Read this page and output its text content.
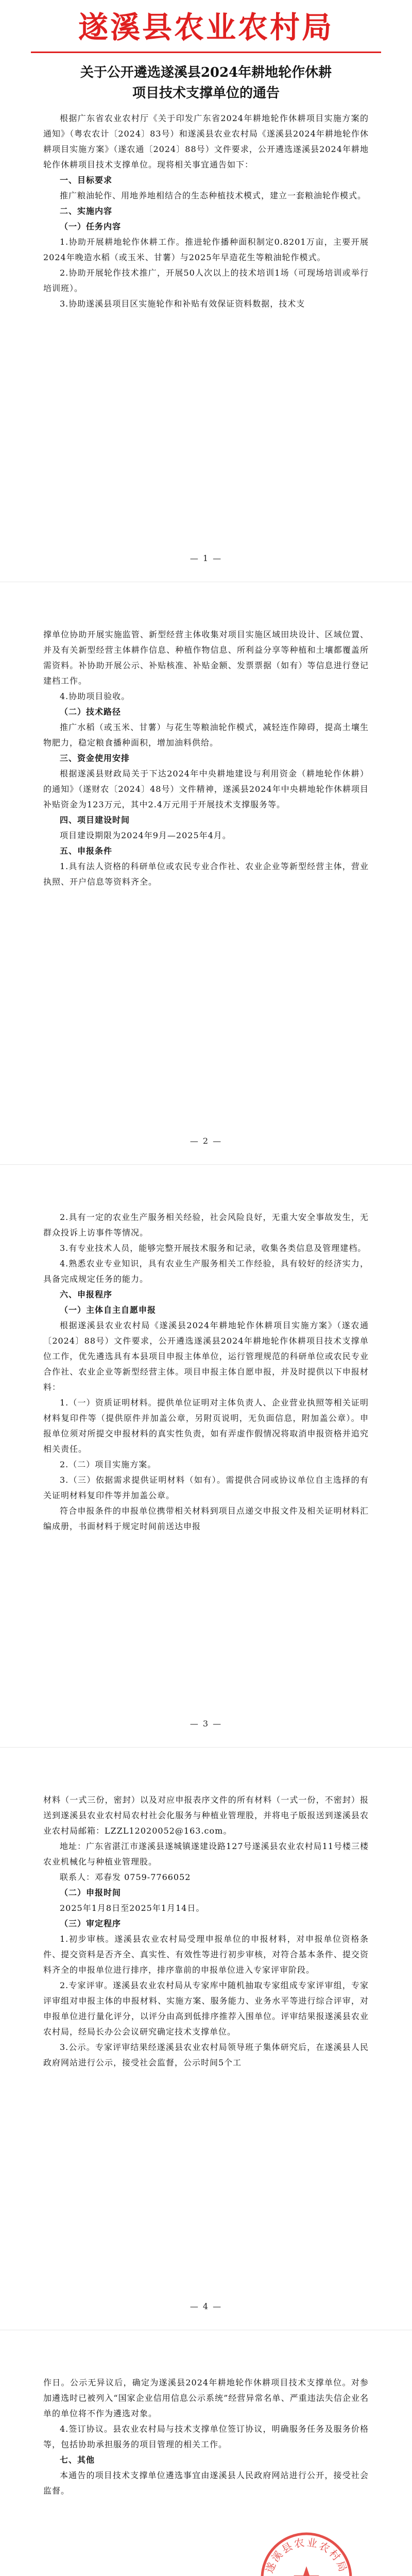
遂溪县农业农村局
关于公开遴选遂溪县2024年耕地轮作休耕
项目技术支撑单位的通告

根据广东省农业农村厅《关于印发广东省2024年耕地轮作休耕项目实施方案的通知》（粤农农计〔2024〕83号）和遂溪县农业农村局《遂溪县2024年耕地轮作休耕项目实施方案》（遂农通〔2024〕88号）文件要求，公开遴选遂溪县2024年耕地轮作休耕项目技术支撑单位。现将相关事宜通告如下：

一、目标要求

推广粮油轮作、用地养地相结合的生态种植技术模式，建立一套粮油轮作模式。

二、实施内容

（一）任务内容

1.协助开展耕地轮作休耕工作。推进轮作播种面积制定0.8201万亩，主要开展2024年晚造水稻（或玉米、甘薯）与2025年早造花生等粮油轮作模式。

2.协助开展轮作技术推广，开展50人次以上的技术培训1场（可现场培训或举行培训班）。

3.协助遂溪县项目区实施轮作和补贴有效保证资料数据，技术支

— 1 —

撑单位协助开展实施监管、新型经营主体收集对项目实施区域田块设计、区域位置、并及有关新型经营主体耕作信息、种植作物信息、所利益分享等种植和土壤都覆盖所需资料。补协助开展公示、补贴核准、补贴金额、发票票据（如有）等信息进行登记建档工作。

4.协助项目验收。

（二）技术路径

推广水稻（或玉米、甘薯）与花生等粮油轮作模式，减轻连作障碍，提高土壤生物肥力，稳定粮食播种面积，增加油料供给。

三、资金使用安排

根据遂溪县财政局关于下达2024年中央耕地建设与利用资金（耕地轮作休耕）的通知》（遂财农〔2024〕48号）文件精神，遂溪县2024年中央耕地轮作休耕项目补贴资金为123万元，其中2.4万元用于开展技术支撑服务等。

四、项目建设时间

项目建设期限为2024年9月—2025年4月。

五、申报条件

1.具有法人资格的科研单位或农民专业合作社、农业企业等新型经营主体，营业执照、开户信息等资料齐全。

— 2 —

2.具有一定的农业生产服务相关经验，社会风险良好，无重大安全事故发生，无群众投诉上访事件等情况。

3.有专业技术人员，能够完整开展技术服务和记录，收集各类信息及管理建档。

4.熟悉农业专业知识，具有农业生产服务相关工作经验，具有较好的经济实力，具备完成规定任务的能力。

六、申报程序

（一）主体自主自愿申报

根据遂溪县农业农村局《遂溪县2024年耕地轮作休耕项目实施方案》（遂农通〔2024〕88号）文件要求，公开遴选遂溪县2024年耕地轮作休耕项目技术支撑单位工作，优先遴选具有本县项目申报主体单位，运行管理规范的科研单位或农民专业合作社、农业企业等新型经营主体。项目申报主体自愿申报，并及时提供以下申报材料：

1.（一）资质证明材料。提供单位证明对主体负责人、企业营业执照等相关证明材料复印件等（提供原件并加盖公章，另附页说明，无负面信息，附加盖公章）。申报单位须对所提交申报材料的真实性负责，如有弄虚作假情况将取消申报资格并追究相关责任。

2.（二）项目实施方案。

3.（三）依据需求提供证明材料（如有）。需提供合同或协议单位自主选择的有关证明材料复印件等并加盖公章。

符合申报条件的申报单位携带相关材料到项目点递交申报文件及相关证明材料汇编成册，书面材料于规定时间前送达申报

— 3 —

材料（一式三份，密封）以及对应申报表序文件的所有材料（一式一份，不密封）报送到遂溪县农业农村局农村社会化服务与种植业管理股，并将电子版报送到遂溪县农业农村局邮箱：LZZL12020052@163.com。

地址：广东省湛江市遂溪县遂城镇遂建设路127号遂溪县农业农村局11号楼三楼农业机械化与种植业管理股。

联系人：邓春发 0759-7766052

（二）申报时间

2025年1月8日至2025年1月14日。

（三）审定程序

1.初步审核。遂溪县农业农村局受理申报单位的申报材料，对申报单位资格条件、提交资料是否齐全、真实性、有效性等进行初步审核，对符合基本条件、提交资料齐全的申报单位进行排序，排序靠前的申报单位进入专家评审阶段。

2.专家评审。遂溪县农业农村局从专家库中随机抽取专家组成专家评审组，专家评审组对申报主体的申报材料、实施方案、服务能力、业务水平等进行综合评审，对申报单位进行量化评分，以评分由高到低排序推荐入围单位。评审结果报遂溪县农业农村局，经局长办公会议研究确定技术支撑单位。

3.公示。专家评审结果经遂溪县农业农村局领导班子集体研究后，在遂溪县人民政府网站进行公示，接受社会监督，公示时间5个工

— 4 —

作日。公示无异议后，确定为遂溪县2024年耕地轮作休耕项目技术支撑单位。对参加遴选时已被列入“国家企业信用信息公示系统”经营异常名单、严重违法失信企业名单的单位将不作为遴选对象。

4.签订协议。县农业农村局与技术支撑单位签订协议，明确服务任务及服务价格等，包括协助承担服务的项目管理的相关工作。

七、其他

本通告的项目技术支撑单位遴选事宜由遂溪县人民政府网站进行公开，接受社会监督。

遂溪县农业农村局
